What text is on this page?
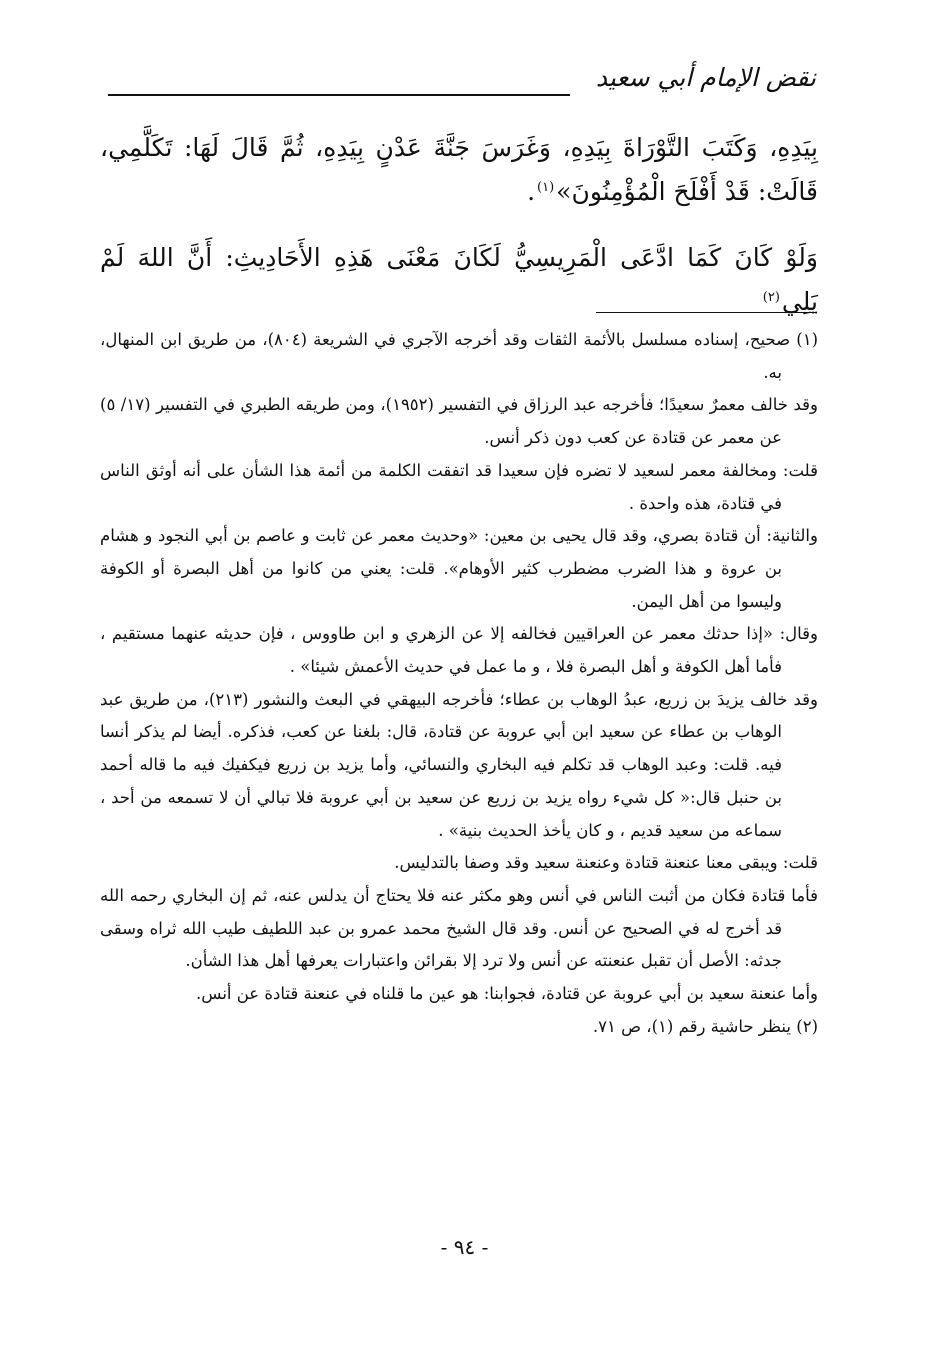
نقض الإمام أبي سعيد

بِيَدِهِ، وَكَتَبَ التَّوْرَاةَ بِيَدِهِ، وَغَرَسَ جَنَّةَ عَدْنٍ بِيَدِهِ، ثُمَّ قَالَ لَهَا: تَكَلَّمِي، قَالَتْ: قَدْ أَفْلَحَ الْمُؤْمِنُونَ»$^{(١)}$.

وَلَوْ كَانَ كَمَا ادَّعَى الْمَرِيسِيُّ لَكَانَ مَعْنَى هَذِهِ الأَحَادِيثِ: أَنَّ اللهَ لَمْ يَلِي$^{(٢)}$

(١) صحيح، إسناده مسلسل بالأئمة الثقات وقد أخرجه الآجري في الشريعة (٨٠٤)، من طريق ابن المنهال، به.

وقد خالف معمرٌ سعيدًا؛ فأخرجه عبد الرزاق في التفسير (١٩٥٢)، ومن طريقه الطبري في التفسير (١٧/ ٥) عن معمر عن قتادة عن كعب دون ذكر أنس.

قلت: ومخالفة معمر لسعيد لا تضره فإن سعيدا قد اتفقت الكلمة من أئمة هذا الشأن على أنه أوثق الناس في قتادة، هذه واحدة .

والثانية: أن قتادة بصري، وقد قال يحيى بن معين: «وحديث معمر عن ثابت و عاصم بن أبي النجود و هشام بن عروة و هذا الضرب مضطرب كثير الأوهام». قلت: يعني من كانوا من أهل البصرة أو الكوفة وليسوا من أهل اليمن.

وقال: «إذا حدثك معمر عن العراقيين فخالفه إلا عن الزهري و ابن طاووس ، فإن حديثه عنهما مستقيم ، فأما أهل الكوفة و أهل البصرة فلا ، و ما عمل في حديث الأعمش شيئا» .

وقد خالف يزيدَ بن زريع، عبدُ الوهاب بن عطاء؛ فأخرجه البيهقي في البعث والنشور (٢١٣)، من طريق عبد الوهاب بن عطاء عن سعيد ابن أبي عروبة عن قتادة، قال: بلغنا عن كعب، فذكره. أيضا لم يذكر أنسا فيه. قلت: وعبد الوهاب قد تكلم فيه البخاري والنسائي، وأما يزيد بن زريع فيكفيك فيه ما قاله أحمد بن حنبل قال:« كل شيء رواه يزيد بن زريع عن سعيد بن أبي عروبة فلا تبالي أن لا تسمعه من أحد ، سماعه من سعيد قديم ، و كان يأخذ الحديث بنية» .

قلت: ويبقى معنا عنعنة قتادة وعنعنة سعيد وقد وصفا بالتدليس.

فأما قتادة فكان من أثبت الناس في أنس وهو مكثر عنه فلا يحتاج أن يدلس عنه، ثم إن البخاري رحمه الله قد أخرج له في الصحيح عن أنس. وقد قال الشيخ محمد عمرو بن عبد اللطيف طيب الله ثراه وسقى جدثه: الأصل أن تقبل عنعنته عن أنس ولا ترد إلا بقرائن واعتبارات يعرفها أهل هذا الشأن.

وأما عنعنة سعيد بن أبي عروبة عن قتادة، فجوابنا: هو عين ما قلناه في عنعنة قتادة عن أنس.

(٢) ينظر حاشية رقم (١)، ص ٧١.

- ٩٤ -
